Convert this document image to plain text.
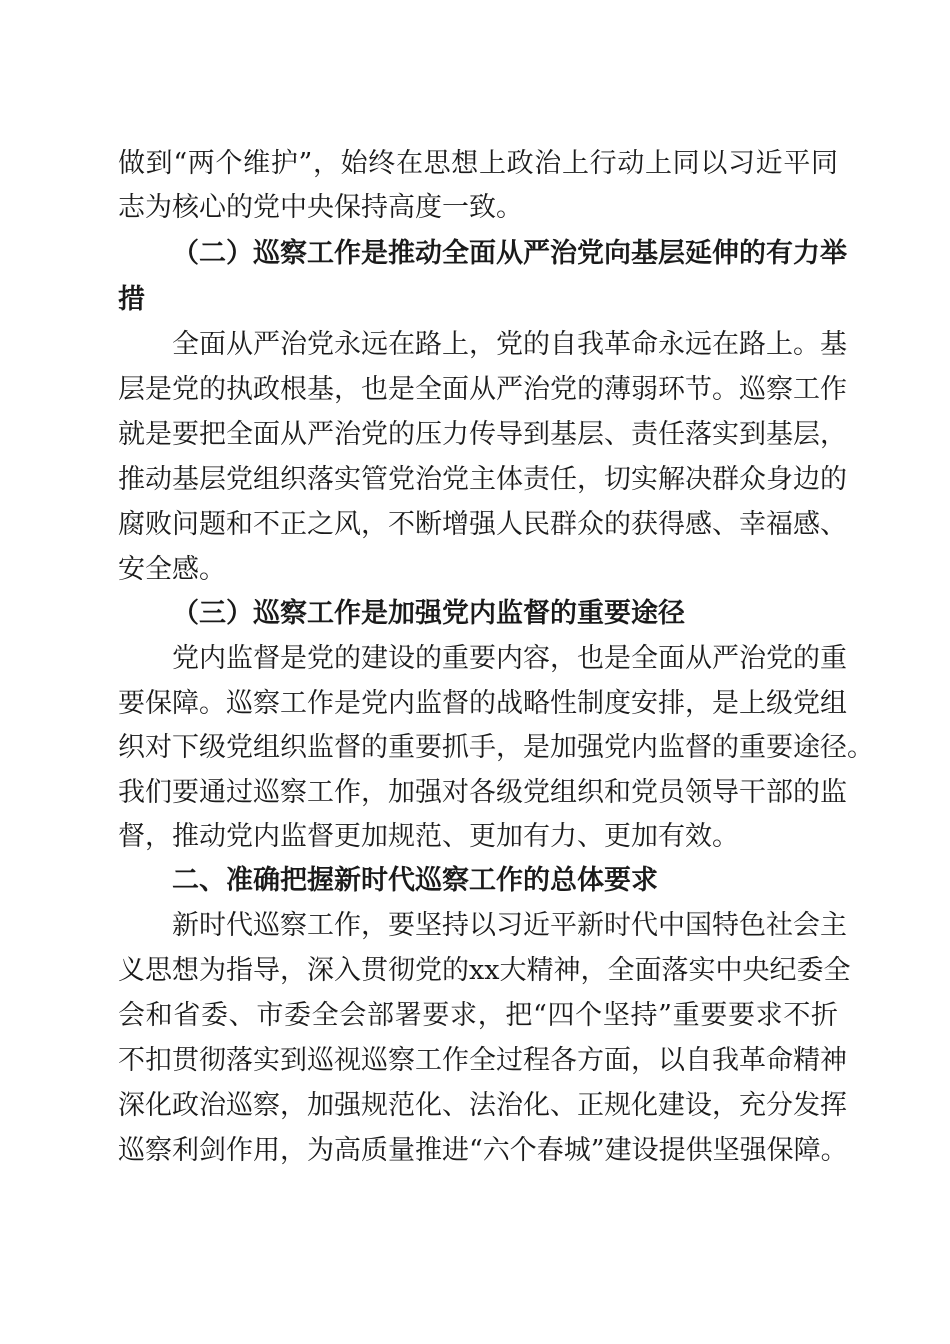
做到“两个维护”，始终在思想上政治上行动上同以习近平同
志为核心的党中央保持高度一致。
（二）巡察工作是推动全面从严治党向基层延伸的有力举
措
全面从严治党永远在路上，党的自我革命永远在路上。基
层是党的执政根基，也是全面从严治党的薄弱环节。巡察工作
就是要把全面从严治党的压力传导到基层、责任落实到基层，
推动基层党组织落实管党治党主体责任，切实解决群众身边的
腐败问题和不正之风，不断增强人民群众的获得感、幸福感、
安全感。
（三）巡察工作是加强党内监督的重要途径
党内监督是党的建设的重要内容，也是全面从严治党的重
要保障。巡察工作是党内监督的战略性制度安排，是上级党组
织对下级党组织监督的重要抓手，是加强党内监督的重要途径。
我们要通过巡察工作，加强对各级党组织和党员领导干部的监
督，推动党内监督更加规范、更加有力、更加有效。
二、准确把握新时代巡察工作的总体要求
新时代巡察工作，要坚持以习近平新时代中国特色社会主
义思想为指导，深入贯彻党的xx大精神，全面落实中央纪委全
会和省委、市委全会部署要求，把“四个坚持”重要要求不折
不扣贯彻落实到巡视巡察工作全过程各方面，以自我革命精神
深化政治巡察，加强规范化、法治化、正规化建设，充分发挥
巡察利剑作用，为高质量推进“六个春城”建设提供坚强保障。
